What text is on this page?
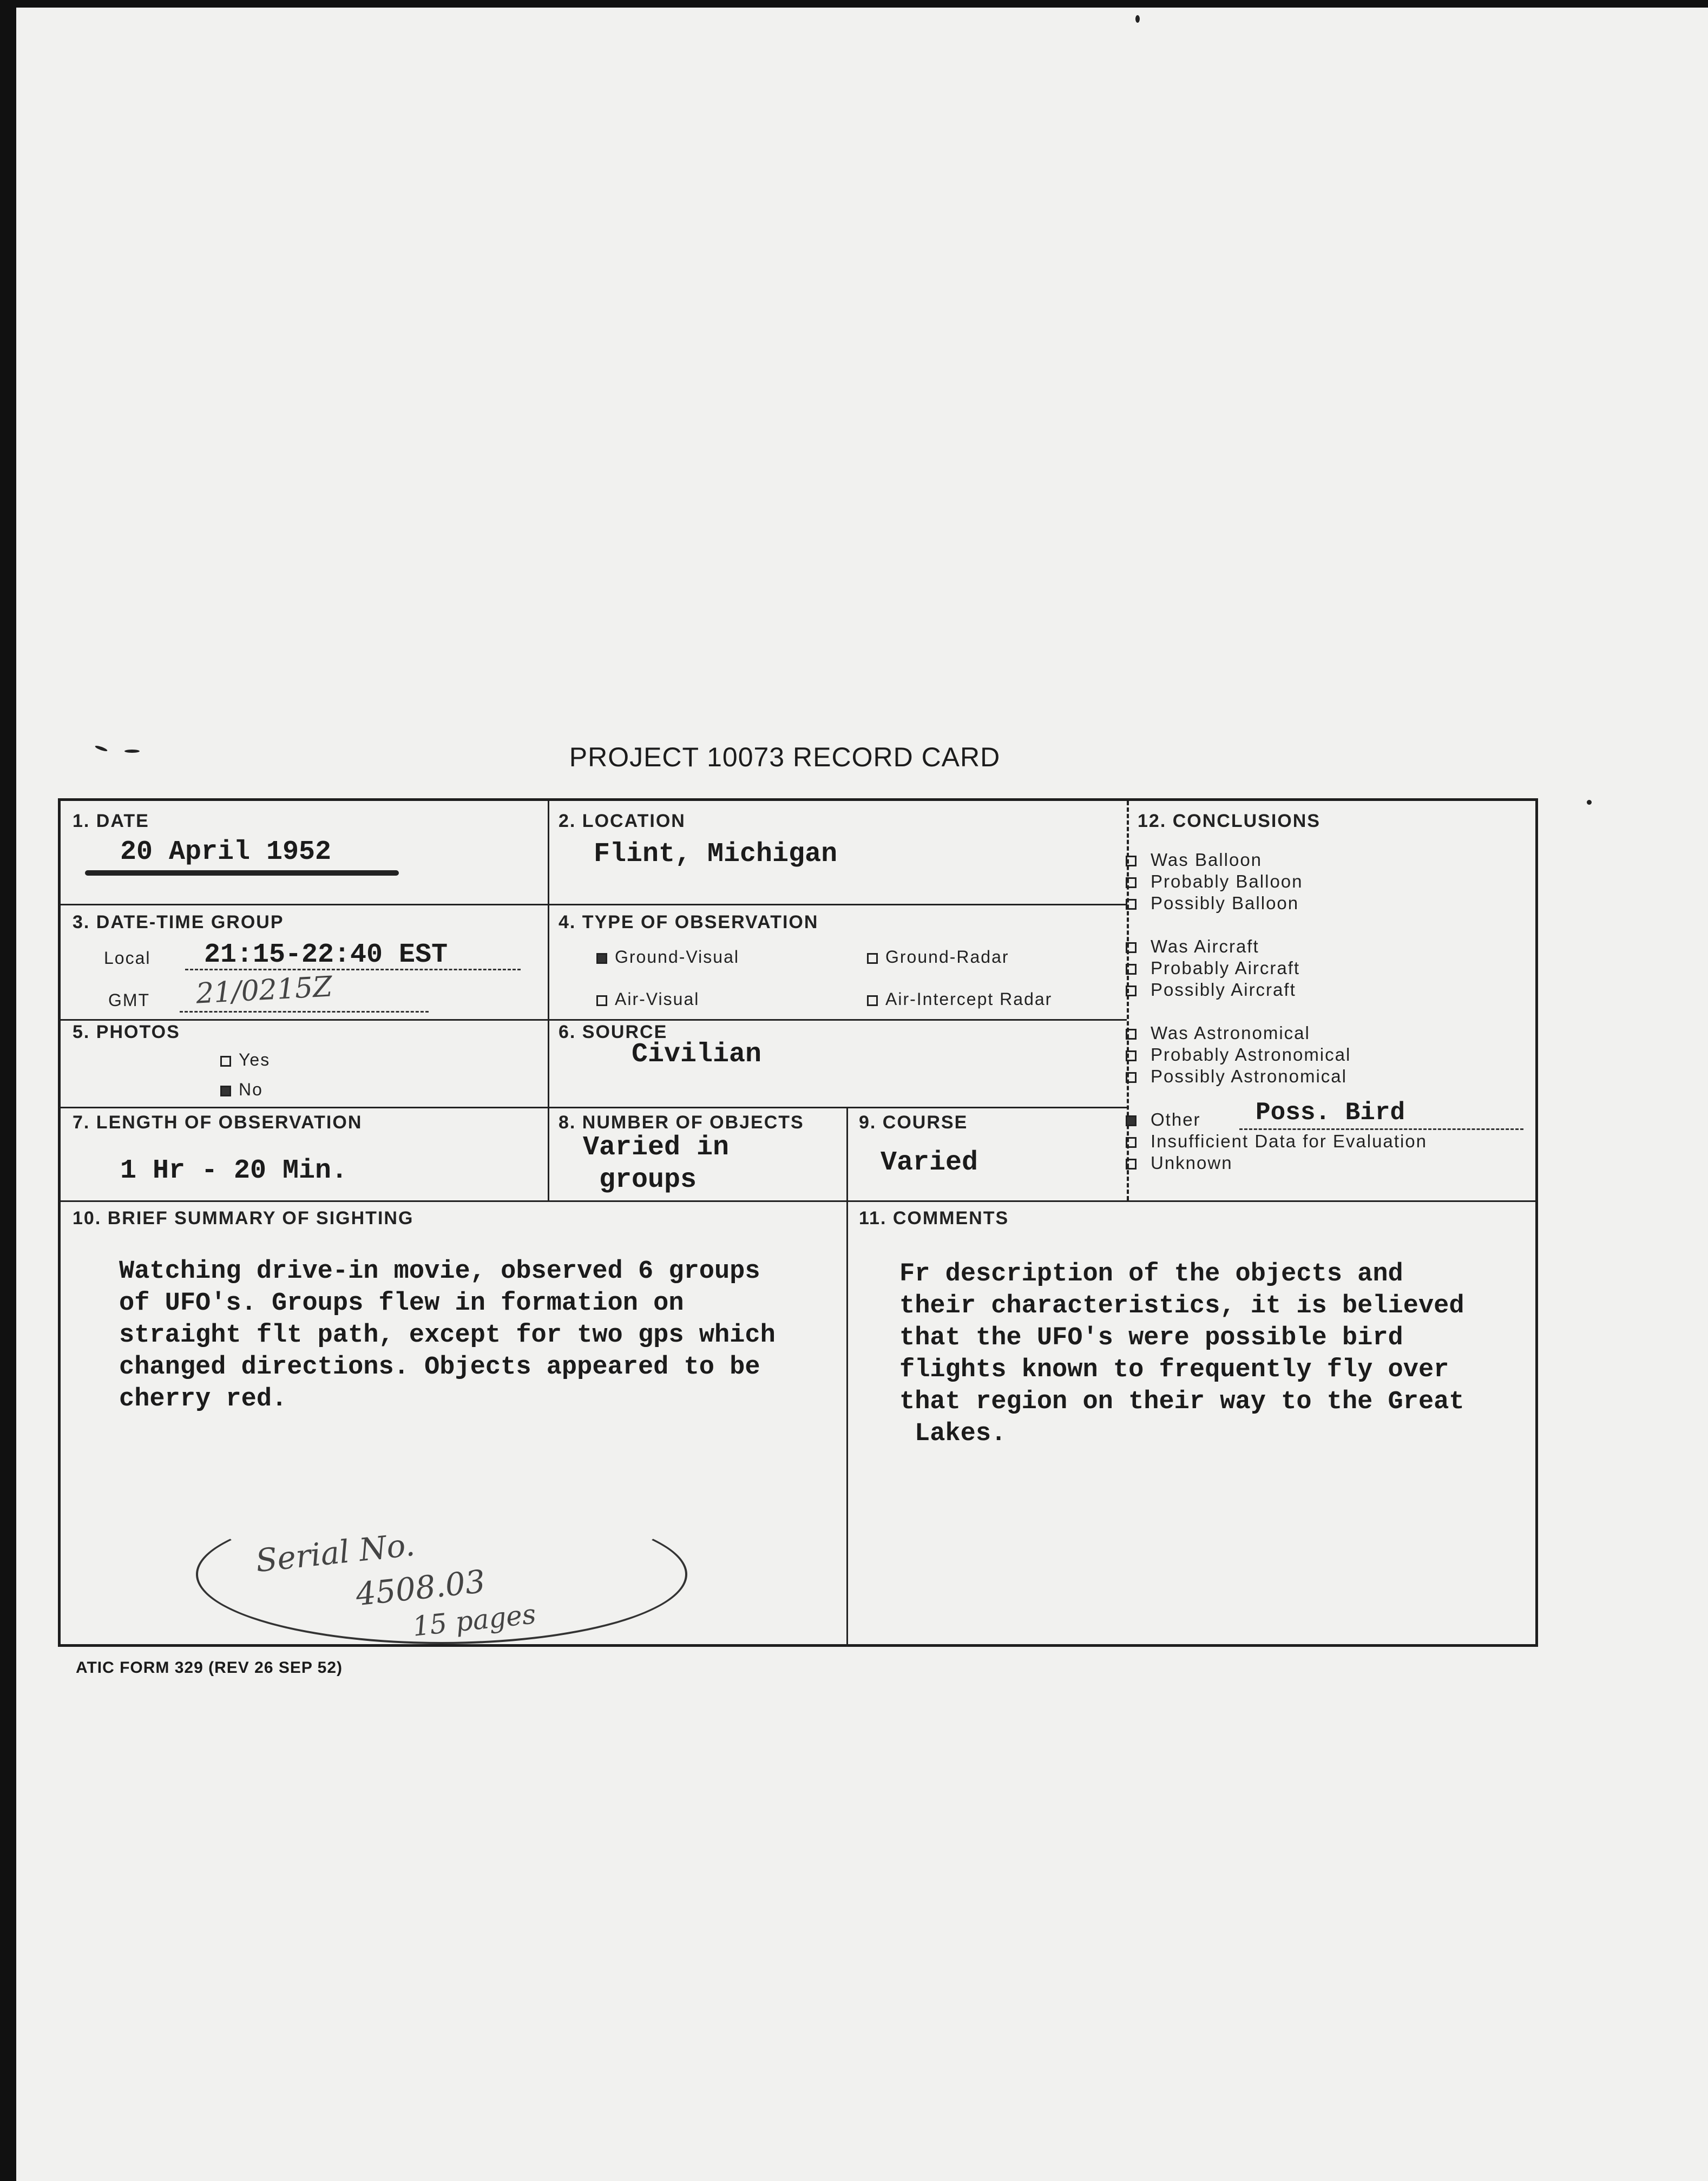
PROJECT 10073 RECORD CARD
1. DATE
20 April 1952
2. LOCATION
Flint, Michigan
3. DATE-TIME GROUP
Local 21:15-22:40 EST
GMT 21/0215Z
4. TYPE OF OBSERVATION
Ground-Visual	Ground-Radar
Air-Visual	Air-Intercept Radar
5. PHOTOS
Yes
No
6. SOURCE
Civilian
7. LENGTH OF OBSERVATION
1 Hr - 20 Min.
8. NUMBER OF OBJECTS
Varied in
groups
9. COURSE
Varied
12. CONCLUSIONS
10. BRIEF SUMMARY OF SIGHTING
Watching drive-in movie, observed 6 groups
of UFO's. Groups flew in formation on
straight flt path, except for two gps which
changed directions. Objects appeared to be
cherry red.
Serial No.
4508.03
15 pages
11. COMMENTS
Fr description of the objects and
their characteristics, it is believed
that the UFO's were possible bird
flights known to frequently fly over
that region on their way to the Great
Lakes.
Was Balloon
Probably Balloon
Possibly Balloon
Was Aircraft
Probably Aircraft
Possibly Aircraft
Was Astronomical
Probably Astronomical
Possibly Astronomical
Other Poss. Bird
Insufficient Data for Evaluation
Unknown
ATIC FORM 329 (REV 26 SEP 52)
